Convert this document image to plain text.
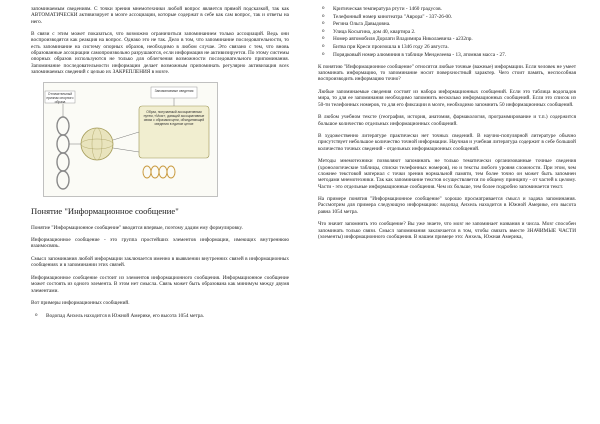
запоминаемым сведениям. С точки зрения мнемотехники любой вопрос является прямой подсказкой, так как АВТОМАТИЧЕСКИ активизирует в мозге ассоциации, которые содержат в себе как сам вопрос, так и ответы на него.

В связи с этим может показаться, что возможно ограничиться запоминанием только ассоциаций. Ведь они воспроизводятся как реакция на вопрос. Однако это не так. Дело в том, что запоминание последовательности, то есть запоминание на систему опорных образов, необходимо в любом случае. Это связано с тем, что вновь образованные ассоциации самопроизвольно разрушаются, если информация не активизируется. По этому системы опорных образов используются не только для облегчения возможности последовательного припоминания. Запоминание последовательности информации делает возможным припоминать регулярно активизация всех запоминаемых сведений с целью их ЗАКРЕПЛЕНИЯ в мозге.

Запоминаемые сведения
Образ, получаемый ассоциативным путем, «Мозг», дающий ассоциативные связи с образами цепи, объединяющей сведения в единое целое
Отличительный признак опорного образа
Понятие "Информационное сообщение"

Понятие "Информационное сообщение" вводится впервые, поэтому дадим ему формулировку.

Информационное сообщение - это группа простейших элементов информации, имеющих внутреннюю взаимосвязь.

Смысл запоминания любой информации заключается именно в выявлении внутренних связей в информационных сообщениях и в запоминании этих связей.

Информационное сообщение состоит из элементов информационного сообщения. Информационное сообщение может состоять из одного элемента. В этом нет смысла. Связь может быть образована как минимум между двумя элементами.

Вот примеры информационных сообщений.

o Водопад Анхель находится в Южной Америке, его высота 1054 метра.
o Критическая температура ртути - 1460 градусов.
o Телефонный номер кинотеатра "Аврора" - 337-26-00.
o Регина Ольга Давыдовна.
o Улица Косыгина, дом 40, квартира 2.
o Номер автомобиля Дорлати Владимира Николаевича - а232пр.
o Битва при Креси произошла в 1346 году 26 августа.
o Порядковый номер алюминия в таблице Менделеева - 13, атомная масса - 27.

К понятию "Информационное сообщение" относятся любые точные (важные) информации. Если человек не умеет запоминать информацию, то запоминание носит поверхностный характер. Чего стоит память, неспособная воспроизводить информацию точно?

Любые запоминаемые сведения состоят из набора информационных сообщений. Если это таблица водопадов мира, то для ее запоминания необходимо запомнить несколько информационных сообщений. Если это список из 50-ти телефонных номеров, то для его фиксации в мозге, необходимо запомнить 50 информационных сообщений.

В любом учебном тексте (география, история, анатомия, фармакология, программирование и т.п.) содержится большое количество отдельных информационных сообщений.

В художественно литературе практически нет точных сведений. В научно-популярной литературе обычно присутствует небольшое количество точной информации. Научная и учебная литература содержит в себе большой количество точных сведений - отдельных информационных сообщений.

Методы мнемотехники позволяют запоминать не только тематически организованные точные сведения (хронологические таблицы, списки телефонных номеров), но и тексты любого уровня сложности. При этом, чем сложнее текстовой материал с точки зрения нормальной памяти, тем более точно он может быть запомнен методами мнемотехники. Так как запоминание текстов осуществляется по общему принципу - от частей к целому. Части - это отдельные информационные сообщения. Чем их больше, тем более подробно запоминается текст.

На примере понятия "Информационное сообщение" хорошо просматривается смысл и задача запоминания. Рассмотрим для примера следующую информацию: водопад Анхель находится в Южной Америке, его высота равна 1054 метра.

Что значит запомнить это сообщение? Вы уже знаете, что мозг не запоминает названия и числа. Мозг способен запоминать только связи. Смысл запоминания заключается в том, чтобы связать вместе ЗНАЧИМЫЕ ЧАСТИ (элементы) информационного сообщения. В нашем примере это: Анхель, Южная Америка,
